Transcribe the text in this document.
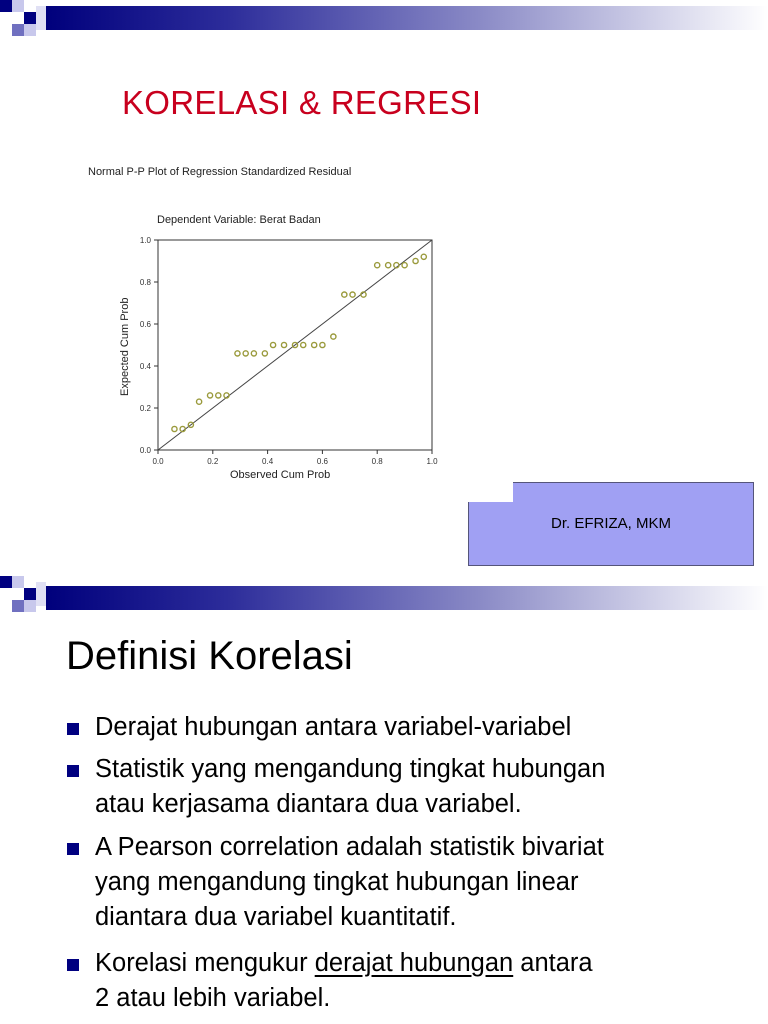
KORELASI & REGRESI
Normal P-P Plot of Regression Standardized Residual
Dependent Variable: Berat Badan
0.0	0.2	0.4	0.6	0.8	1.0
0.0
0.2
0.4
0.6
0.8
1.0
Observed Cum Prob
Expected Cum Prob
Dr. EFRIZA, MKM
Definisi Korelasi
Derajat hubungan antara variabel-variabel
Statistik yang mengandung tingkat hubungan
atau kerjasama diantara dua variabel.
A Pearson correlation adalah statistik bivariat
yang mengandung tingkat hubungan linear
diantara dua variabel kuantitatif.
Korelasi mengukur derajat hubungan antara
2 atau lebih variabel.
